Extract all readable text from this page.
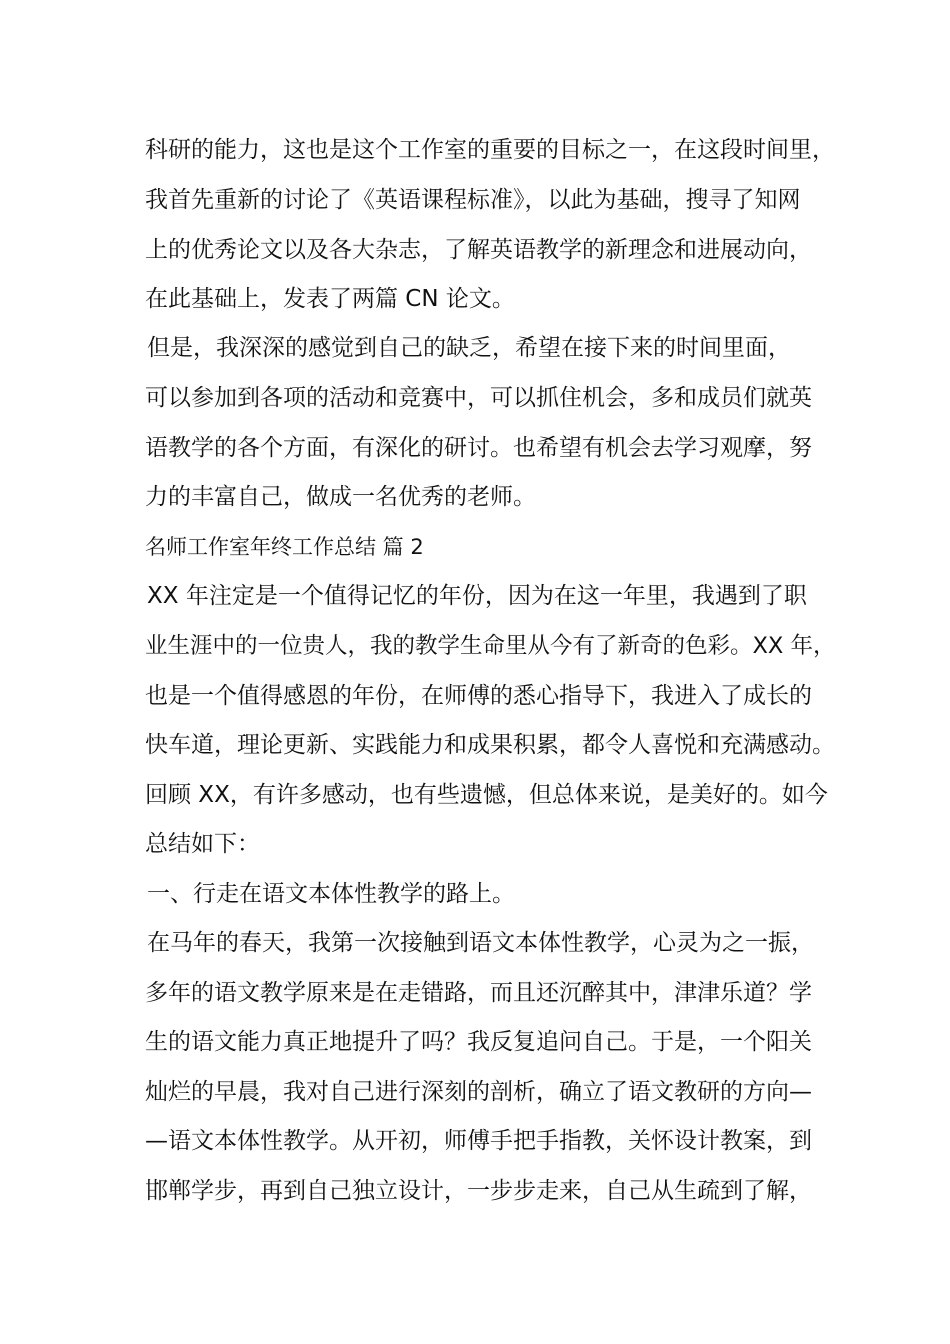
科研的能力，这也是这个工作室的重要的目标之一，在这段时间里，
我首先重新的讨论了《英语课程标准》，以此为基础，搜寻了知网
上的优秀论文以及各大杂志，了解英语教学的新理念和进展动向，
在此基础上，发表了两篇 CN 论文。
但是，我深深的感觉到自己的缺乏，希望在接下来的时间里面，
可以参加到各项的活动和竞赛中，可以抓住机会，多和成员们就英
语教学的各个方面，有深化的研讨。也希望有机会去学习观摩，努
力的丰富自己，做成一名优秀的老师。
名师工作室年终工作总结 篇 2
XX 年注定是一个值得记忆的年份，因为在这一年里，我遇到了职
业生涯中的一位贵人，我的教学生命里从今有了新奇的色彩。XX 年，
也是一个值得感恩的年份，在师傅的悉心指导下，我进入了成长的
快车道，理论更新、实践能力和成果积累，都令人喜悦和充满感动。
回顾 XX，有许多感动，也有些遗憾，但总体来说，是美好的。如今
总结如下：
一、行走在语文本体性教学的路上。
在马年的春天，我第一次接触到语文本体性教学，心灵为之一振，
多年的语文教学原来是在走错路，而且还沉醉其中，津津乐道？学
生的语文能力真正地提升了吗？我反复追问自己。于是，一个阳关
灿烂的早晨，我对自己进行深刻的剖析，确立了语文教研的方向—
—语文本体性教学。从开初，师傅手把手指教，关怀设计教案，到
邯郸学步，再到自己独立设计，一步步走来，自己从生疏到了解，
